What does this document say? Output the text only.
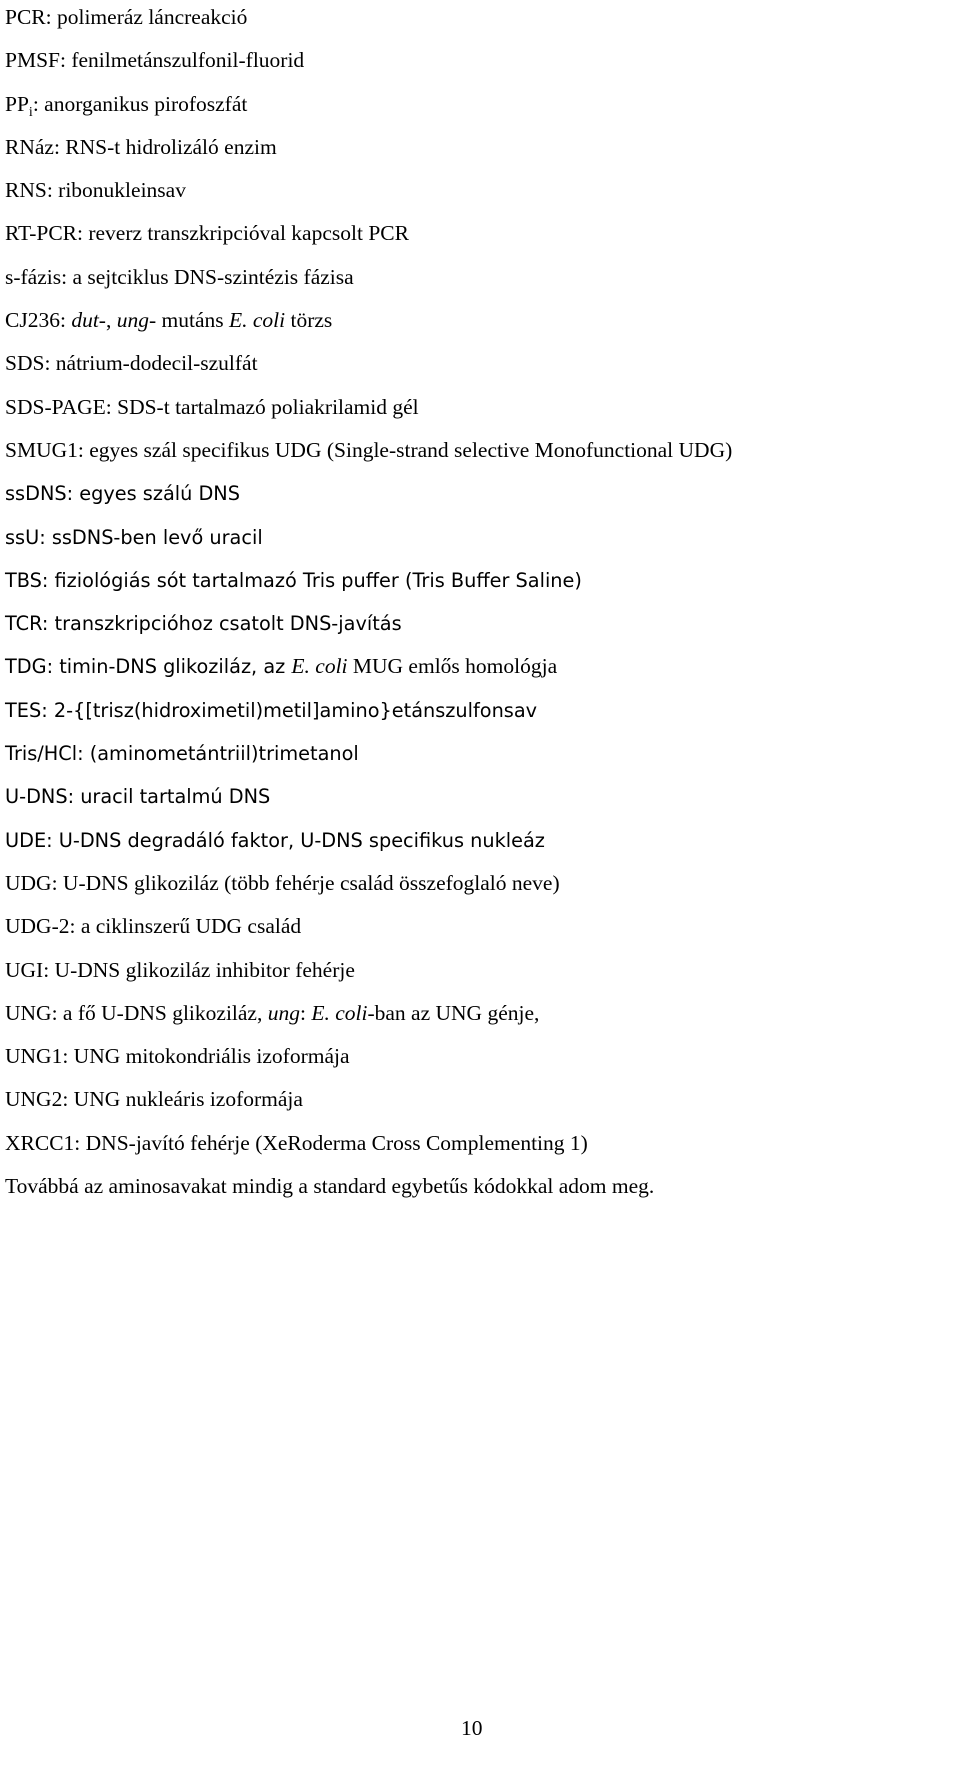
PCR: polimeráz láncreakció
PMSF: fenilmetánszulfonil-fluorid
$PP_i$: anorganikus pirofoszfát
RNáz: RNS-t hidrolizáló enzim
RNS: ribonukleinsav
RT-PCR: reverz transzkripcióval kapcsolt PCR
s-fázis: a sejtciklus DNS-szintézis fázisa
CJ236: dut-, ung- mutáns E. coli törzs
SDS: nátrium-dodecil-szulfát
SDS-PAGE: SDS-t tartalmazó poliakrilamid gél
SMUG1: egyes szál specifikus UDG (Single-strand selective Monofunctional UDG)
ssDNS: egyes szálú DNS
ssU: ssDNS-ben levő uracil
TBS: fiziológiás sót tartalmazó Tris puffer (Tris Buffer Saline)
TCR: transzkripcióhoz csatolt DNS-javítás
TDG: timin-DNS glikoziláz, az E. coli MUG emlős homológja
TES: 2-{[trisz(hidroximetil)metil]amino}etánszulfonsav
Tris/HCl: (aminometántriil)trimetanol
U-DNS: uracil tartalmú DNS
UDE: U-DNS degradáló faktor, U-DNS specifikus nukleáz
UDG: U-DNS glikoziláz (több fehérje család összefoglaló neve)
UDG-2: a ciklinszerű UDG család
UGI: U-DNS glikoziláz inhibitor fehérje
UNG: a fő U-DNS glikoziláz, ung: E. coli-ban az UNG génje,
UNG1: UNG mitokondriális izoformája
UNG2: UNG nukleáris izoformája
XRCC1: DNS-javító fehérje (XeRoderma Cross Complementing 1)
Továbbá az aminosavakat mindig a standard egybetűs kódokkal adom meg.
10
